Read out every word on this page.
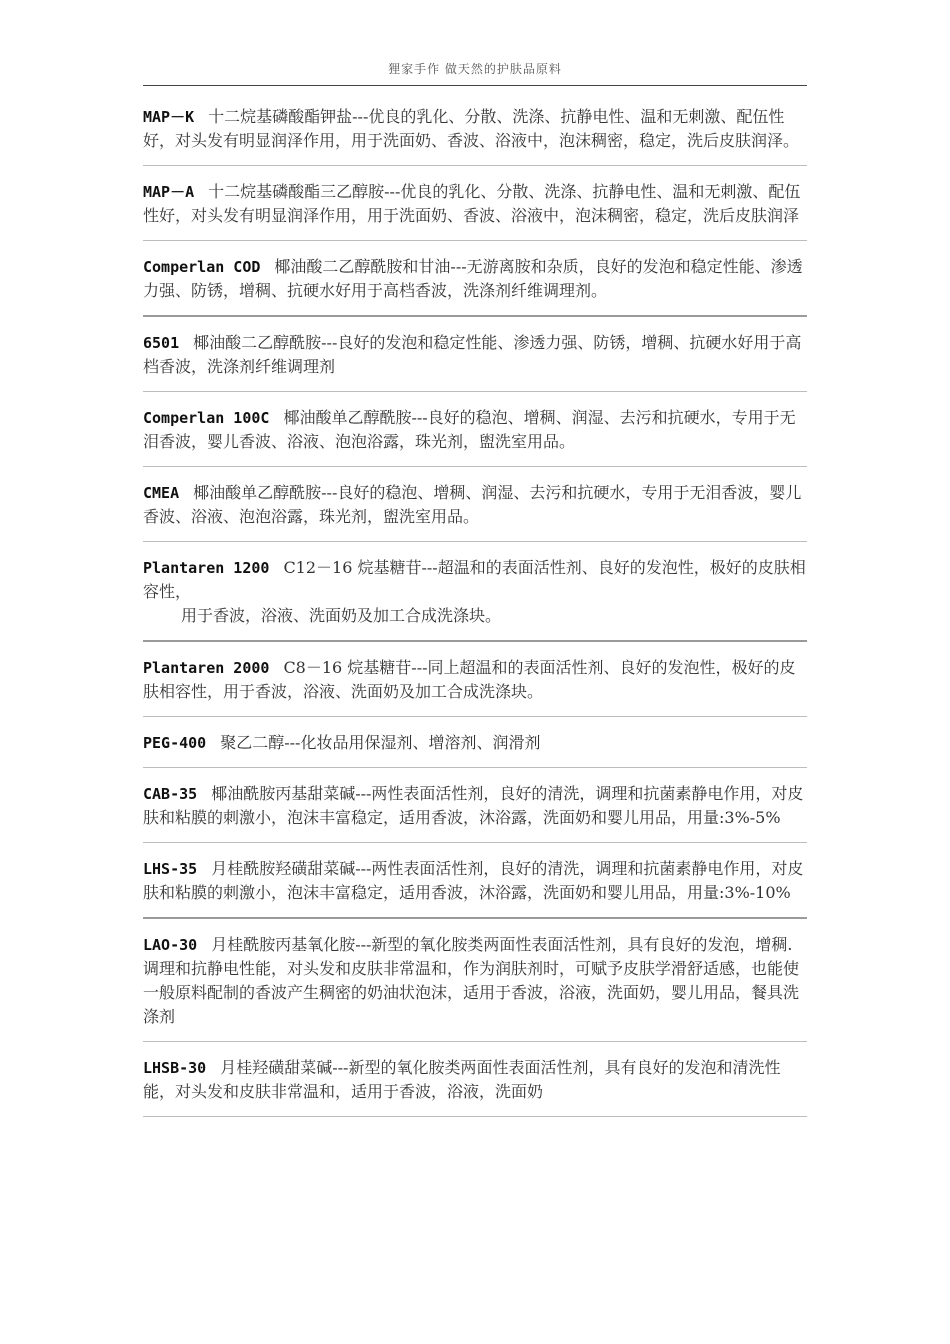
狸家手作 做天然的护肤品原料
MAP－K 十二烷基磷酸酯钾盐---优良的乳化、分散、洗涤、抗静电性、温和无刺激、配伍性好，对头发有明显润泽作用，用于洗面奶、香波、浴液中，泡沫稠密，稳定，洗后皮肤润泽。
MAP－A 十二烷基磷酸酯三乙醇胺---优良的乳化、分散、洗涤、抗静电性、温和无刺激、配伍性好，对头发有明显润泽作用，用于洗面奶、香波、浴液中，泡沫稠密，稳定，洗后皮肤润泽
Comperlan COD 椰油酸二乙醇酰胺和甘油---无游离胺和杂质，良好的发泡和稳定性能、渗透力强、防锈，增稠、抗硬水好用于高档香波，洗涤剂纤维调理剂。
6501 椰油酸二乙醇酰胺---良好的发泡和稳定性能、渗透力强、防锈，增稠、抗硬水好用于高档香波，洗涤剂纤维调理剂
Comperlan 100C 椰油酸单乙醇酰胺---良好的稳泡、增稠、润湿、去污和抗硬水，专用于无泪香波，婴儿香波、浴液、泡泡浴露，珠光剂，盥洗室用品。
CMEA 椰油酸单乙醇酰胺---良好的稳泡、增稠、润湿、去污和抗硬水，专用于无泪香波，婴儿香波、浴液、泡泡浴露，珠光剂，盥洗室用品。
Plantaren 1200 C12－16 烷基糖苷---超温和的表面活性剂、良好的发泡性，极好的皮肤相容性，
用于香波，浴液、洗面奶及加工合成洗涤块。
Plantaren 2000 C8－16 烷基糖苷---同上超温和的表面活性剂、良好的发泡性，极好的皮肤相容性，用于香波，浴液、洗面奶及加工合成洗涤块。
PEG-400 聚乙二醇---化妆品用保湿剂、增溶剂、润滑剂
CAB-35 椰油酰胺丙基甜菜碱---两性表面活性剂，良好的清洗，调理和抗菌素静电作用，对皮肤和粘膜的刺激小，泡沫丰富稳定，适用香波，沐浴露，洗面奶和婴儿用品，用量:3%-5%
LHS-35 月桂酰胺羟磺甜菜碱---两性表面活性剂，良好的清洗，调理和抗菌素静电作用，对皮肤和粘膜的刺激小，泡沫丰富稳定，适用香波，沐浴露，洗面奶和婴儿用品，用量:3%-10%
LAO-30 月桂酰胺丙基氧化胺---新型的氧化胺类两面性表面活性剂，具有良好的发泡，增稠. 调理和抗静电性能，对头发和皮肤非常温和，作为润肤剂时，可赋予皮肤学滑舒适感，也能使一般原料配制的香波产生稠密的奶油状泡沫，适用于香波，浴液，洗面奶，婴儿用品，餐具洗涤剂
LHSB-30 月桂羟磺甜菜碱---新型的氧化胺类两面性表面活性剂，具有良好的发泡和清洗性能，对头发和皮肤非常温和，适用于香波，浴液，洗面奶
